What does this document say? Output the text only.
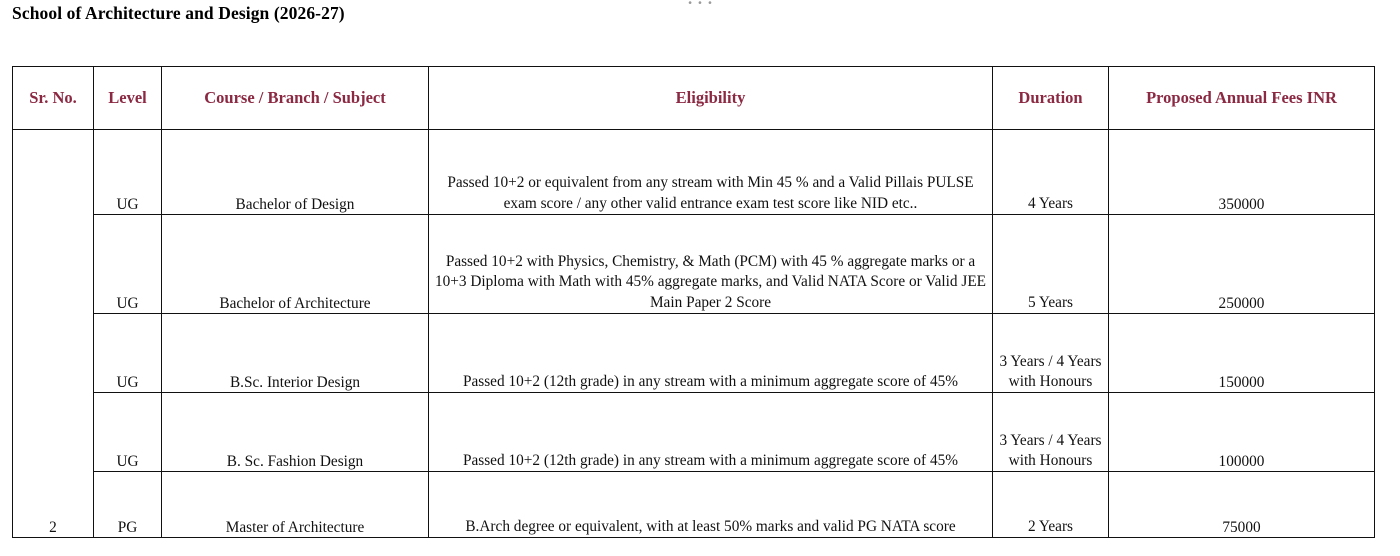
· · ·
School of Architecture and Design (2026-27)
Sr. No.	Level	Course / Branch / Subject	Eligibility	Duration	Proposed Annual Fees INR
2	UG	Bachelor of Design	Passed 10+2 or equivalent from any stream with Min 45 % and a Valid Pillais PULSE exam score / any other valid entrance exam test score like NID etc..	4 Years	350000
	UG	Bachelor of Architecture	Passed 10+2 with Physics, Chemistry, & Math (PCM) with 45 % aggregate marks or a 10+3 Diploma with Math with 45% aggregate marks, and Valid NATA Score or Valid JEE Main Paper 2 Score	5 Years	250000
	UG	B.Sc. Interior Design	Passed 10+2 (12th grade) in any stream with a minimum aggregate score of 45%	3 Years / 4 Years with Honours	150000
	UG	B. Sc. Fashion Design	Passed 10+2 (12th grade) in any stream with a minimum aggregate score of 45%	3 Years / 4 Years with Honours	100000
	PG	Master of Architecture	B.Arch degree or equivalent, with at least 50% marks and valid PG NATA score	2 Years	75000
